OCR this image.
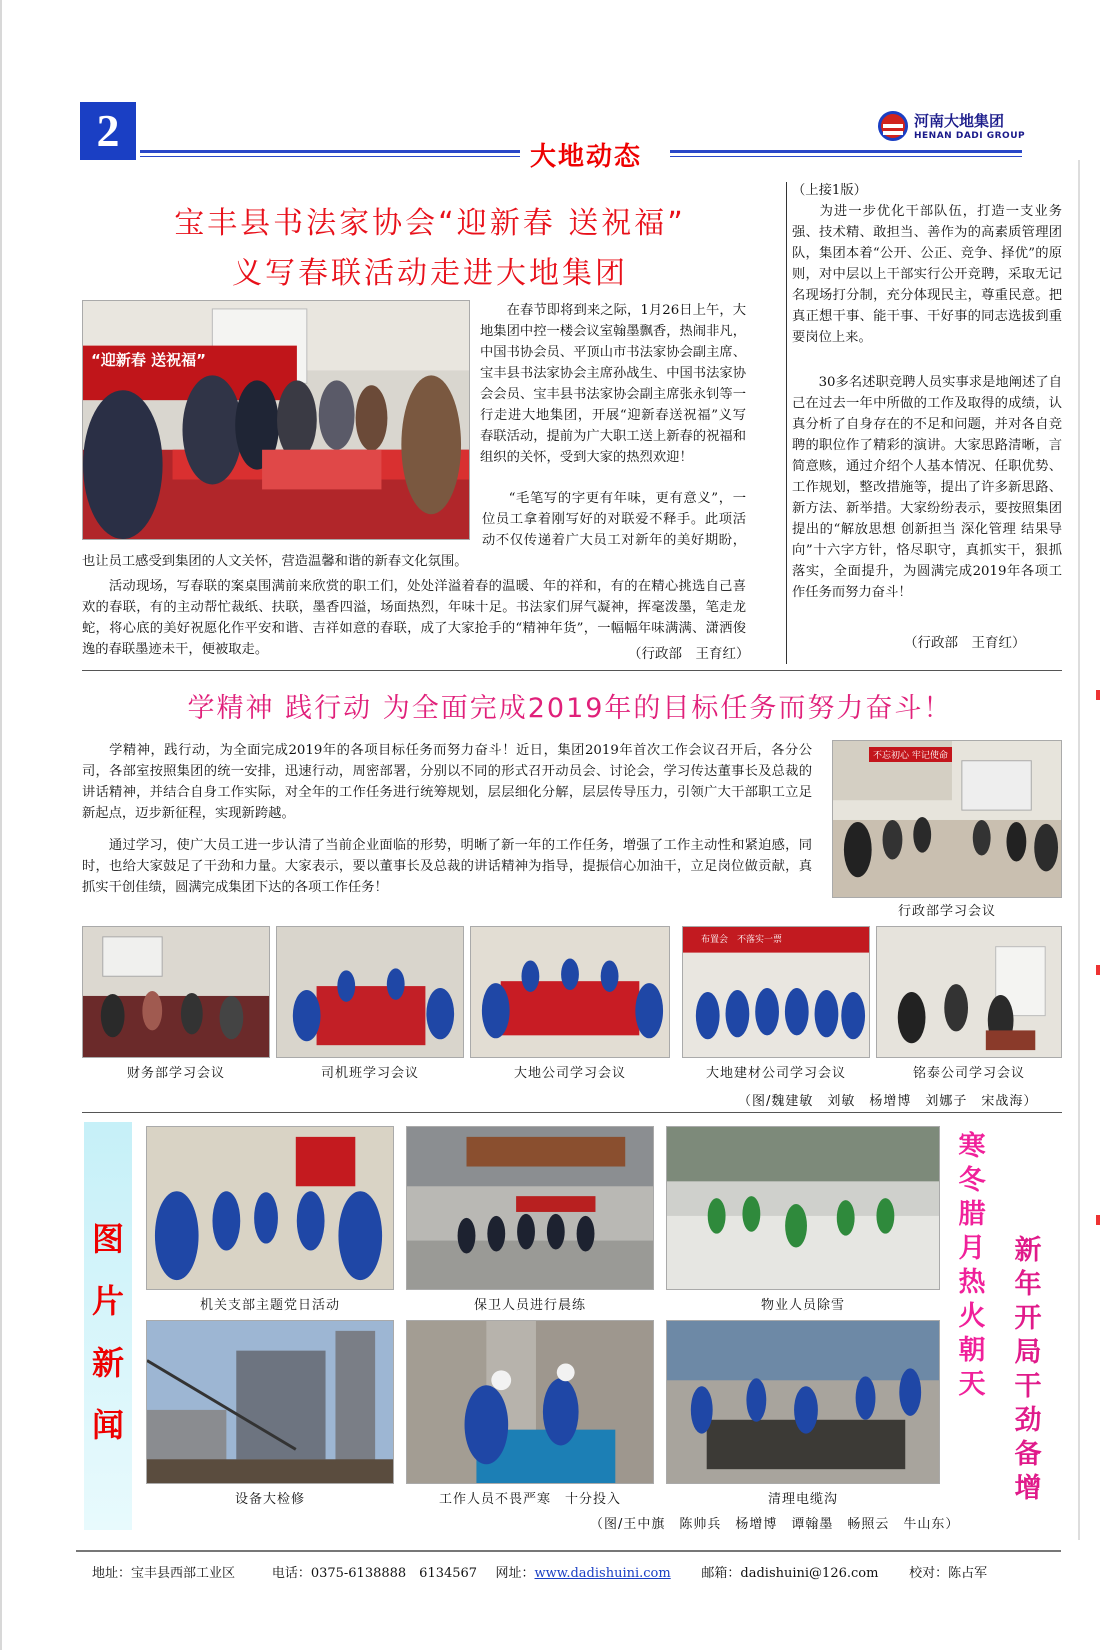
2
大地动态
河南大地集团
HENAN DADI GROUP
宝丰县书法家协会“迎新春 送祝福”
义写春联活动走进大地集团
“迎新春 送祝福”
在春节即将到来之际，1月26日上午，大地集团中控一楼会议室翰墨飘香，热闹非凡，中国书协会员、平顶山市书法家协会副主席、宝丰县书法家协会主席孙战生、中国书法家协会会员、宝丰县书法家协会副主席张永钊等一行走进大地集团，开展“迎新春送祝福”义写春联活动，提前为广大职工送上新春的祝福和组织的关怀，受到大家的热烈欢迎！
“毛笔写的字更有年味，更有意义”，一位员工拿着刚写好的对联爱不释手。此项活动不仅传递着广大员工对新年的美好期盼，也让员工感受到集团的人文关怀，营造温馨和谐的新春文化氛围。
活动现场，写春联的案桌围满前来欣赏的职工们，处处洋溢着春的温暖、年的祥和，有的在精心挑选自己喜欢的春联，有的主动帮忙裁纸、扶联，墨香四溢，场面热烈，年味十足。书法家们屏气凝神，挥毫泼墨，笔走龙蛇，将心底的美好祝愿化作平安和谐、吉祥如意的春联，成了大家抢手的“精神年货”，一幅幅年味满满、潇洒俊逸的春联墨迹未干，便被取走。	（行政部　王育红）
（上接1版）
为进一步优化干部队伍，打造一支业务强、技术精、敢担当、善作为的高素质管理团队，集团本着“公开、公正、竞争、择优”的原则，对中层以上干部实行公开竞聘，采取无记名现场打分制，充分体现民主，尊重民意。把真正想干事、能干事、干好事的同志选拔到重要岗位上来。
30多名述职竞聘人员实事求是地阐述了自己在过去一年中所做的工作及取得的成绩，认真分析了自身存在的不足和问题，并对各自竞聘的职位作了精彩的演讲。大家思路清晰，言简意赅，通过介绍个人基本情况、任职优势、工作规划，整改措施等，提出了许多新思路、新方法、新举措。大家纷纷表示，要按照集团提出的“解放思想 创新担当 深化管理 结果导向”十六字方针，恪尽职守，真抓实干，狠抓落实，全面提升，为圆满完成2019年各项工作任务而努力奋斗！
（行政部　王育红）
学精神 践行动 为全面完成2019年的目标任务而努力奋斗！
学精神，践行动，为全面完成2019年的各项目标任务而努力奋斗！近日，集团2019年首次工作会议召开后，各分公司，各部室按照集团的统一安排，迅速行动，周密部署，分别以不同的形式召开动员会、讨论会，学习传达董事长及总裁的讲话精神，并结合自身工作实际，对全年的工作任务进行统筹规划，层层细化分解，层层传导压力，引领广大干部职工立足新起点，迈步新征程，实现新跨越。
通过学习，使广大员工进一步认清了当前企业面临的形势，明晰了新一年的工作任务，增强了工作主动性和紧迫感，同时，也给大家鼓足了干劲和力量。大家表示，要以董事长及总裁的讲话精神为指导，提振信心加油干，立足岗位做贡献，真抓实干创佳绩，圆满完成集团下达的各项工作任务！
不忘初心 牢记使命
行政部学习会议
布置会　不落实一票
财务部学习会议	司机班学习会议	大地公司学习会议	大地建材公司学习会议	铭泰公司学习会议
（图/魏建敏　刘敏　杨增博　刘娜子　宋战海）
图
片
新
闻
机关支部主题党日活动	保卫人员进行晨练	物业人员除雪
设备大检修	工作人员不畏严寒　十分投入	清理电缆沟
（图/王中旗　陈帅兵　杨增博　谭翰墨　畅照云　牛山东）
寒
冬
腊
月
热
火
朝
天
新
年
开
局
干
劲
备
增
地址：宝丰县西部工业区	电话：0375-6138888　6134567 网址：www.dadishuini.com 邮箱：dadishuini@126.com 校对：陈占军
